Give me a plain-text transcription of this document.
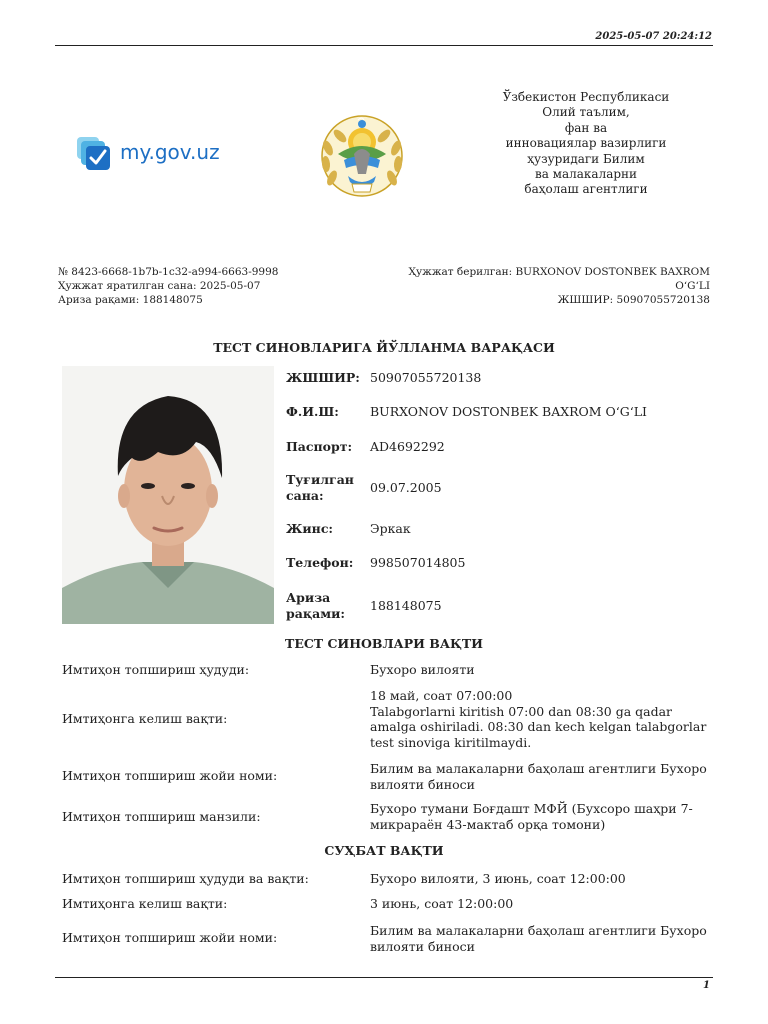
2025-05-07 20:24:12
my.gov.uz
Ўзбекистон Республикаси
Олий таълим,
фан ва
инновациялар вазирлиги
ҳузуридаги Билим
ва малакаларни
баҳолаш агентлиги
№ 8423-6668-1b7b-1c32-a994-6663-9998
Ҳужжат яратилган сана: 2025-05-07
Ариза рақами: 188148075
Ҳужжат берилган: BURXONOV DOSTONBEK BAXROM
O‘G‘LI
ЖШШИР: 50907055720138
ТЕСТ СИНОВЛАРИГА ЙЎЛЛАНМА ВАРАҚАСИ
ЖШШИР: 50907055720138
Ф.И.Ш:	BURXONOV DOSTONBEK BAXROM O‘G‘LI
Паспорт:	AD4692292
Туғилган сана:
09.07.2005
Жинс:	Эркак
Телефон:	998507014805
Ариза рақами:
188148075
ТЕСТ СИНОВЛАРИ ВАҚТИ
Имтиҳон топшириш ҳудуди:	Бухоро вилояти
Имтиҳонга келиш вақти:
18 май, соат 07:00:00
Talabgorlarni kiritish 07:00 dan 08:30 ga qadar amalga oshiriladi. 08:30 dan kech kelgan talabgorlar test sinoviga kiritilmaydi.
Имтиҳон топшириш жойи номи:	Билим ва малакаларни баҳолаш агентлиги Бухоро вилояти биноси
Имтиҳон топшириш манзили:
Бухоро тумани Боғдашт МФЙ (Бухсоро шаҳри 7-микрараён 43-мактаб орқа томони)
СУҲБАТ ВАҚТИ
Имтиҳон топшириш ҳудуди ва вақти:	Бухоро вилояти, 3 июнь, соат 12:00:00
Имтиҳонга келиш вақти:	3 июнь, соат 12:00:00
Имтиҳон топшириш жойи номи:	Билим ва малакаларни баҳолаш агентлиги Бухоро вилояти биноси
1
